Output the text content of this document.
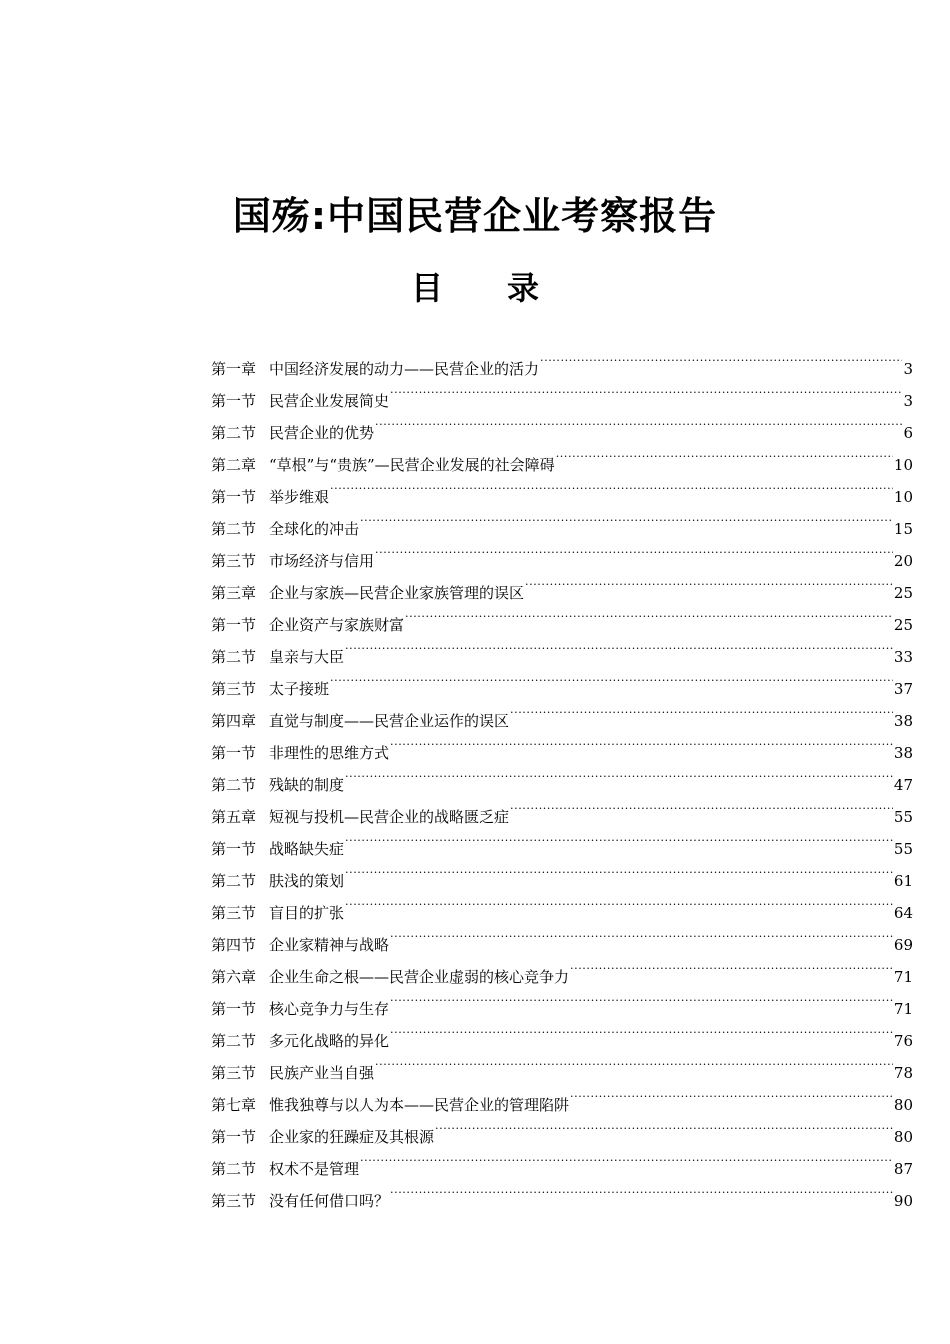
国殇:中国民营企业考察报告
目 录
第一章 中国经济发展的动力——民营企业的活力 .....	3
第一节 民营企业发展简史 .....	3
第二节 民营企业的优势 .....	6
第二章 “草根”与“贵族”—民营企业发展的社会障碍 .....	10
第一节 举步维艰 .....	10
第二节 全球化的冲击 .....	15
第三节 市场经济与信用 .....	20
第三章 企业与家族—民营企业家族管理的误区 .....	25
第一节 企业资产与家族财富 .....	25
第二节 皇亲与大臣 .....	33
第三节 太子接班 .....	37
第四章 直觉与制度——民营企业运作的误区 .....	38
第一节 非理性的思维方式 .....	38
第二节 残缺的制度 .....	47
第五章 短视与投机—民营企业的战略匮乏症 .....	55
第一节 战略缺失症 .....	55
第二节 肤浅的策划 .....	61
第三节 盲目的扩张 .....	64
第四节 企业家精神与战略 .....	69
第六章 企业生命之根——民营企业虚弱的核心竞争力 .....	71
第一节 核心竞争力与生存 .....	71
第二节 多元化战略的异化 .....	76
第三节 民族产业当自强 .....	78
第七章 惟我独尊与以人为本——民营企业的管理陷阱 .....	80
第一节 企业家的狂躁症及其根源 .....	80
第二节 权术不是管理 .....	87
第三节 没有任何借口吗？ .....	90
